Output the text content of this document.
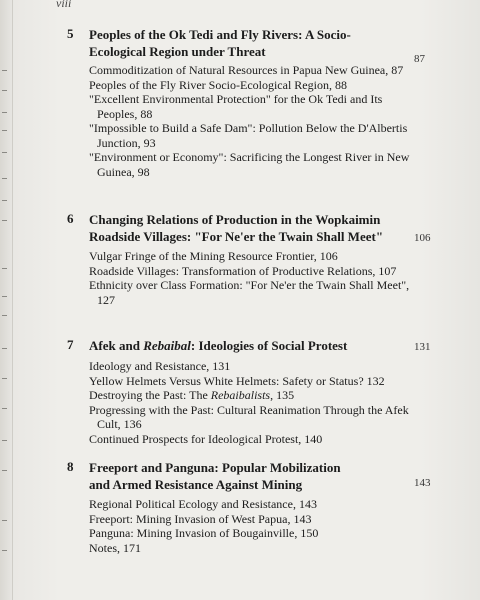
viii
5 Peoples of the Ok Tedi and Fly Rivers: A Socio-
Ecological Region under Threat	87
Commoditization of Natural Resources in Papua New Guinea, 87
Peoples of the Fly River Socio-Ecological Region, 88
"Excellent Environmental Protection" for the Ok Tedi and Its Peoples, 88
"Impossible to Build a Safe Dam": Pollution Below the D'Albertis Junction, 93
"Environment or Economy": Sacrificing the Longest River in New Guinea, 98
6 Changing Relations of Production in the Wopkaimin
Roadside Villages: "For Ne'er the Twain Shall Meet"	106
Vulgar Fringe of the Mining Resource Frontier, 106
Roadside Villages: Transformation of Productive Relations, 107
Ethnicity over Class Formation: "For Ne'er the Twain Shall Meet", 127
7 Afek and Rebaibal: Ideologies of Social Protest	131
Ideology and Resistance, 131
Yellow Helmets Versus White Helmets: Safety or Status? 132
Destroying the Past: The Rebaibalists, 135
Progressing with the Past: Cultural Reanimation Through the Afek Cult, 136
Continued Prospects for Ideological Protest, 140
8 Freeport and Panguna: Popular Mobilization
and Armed Resistance Against Mining	143
Regional Political Ecology and Resistance, 143
Freeport: Mining Invasion of West Papua, 143
Panguna: Mining Invasion of Bougainville, 150
Notes, 171
